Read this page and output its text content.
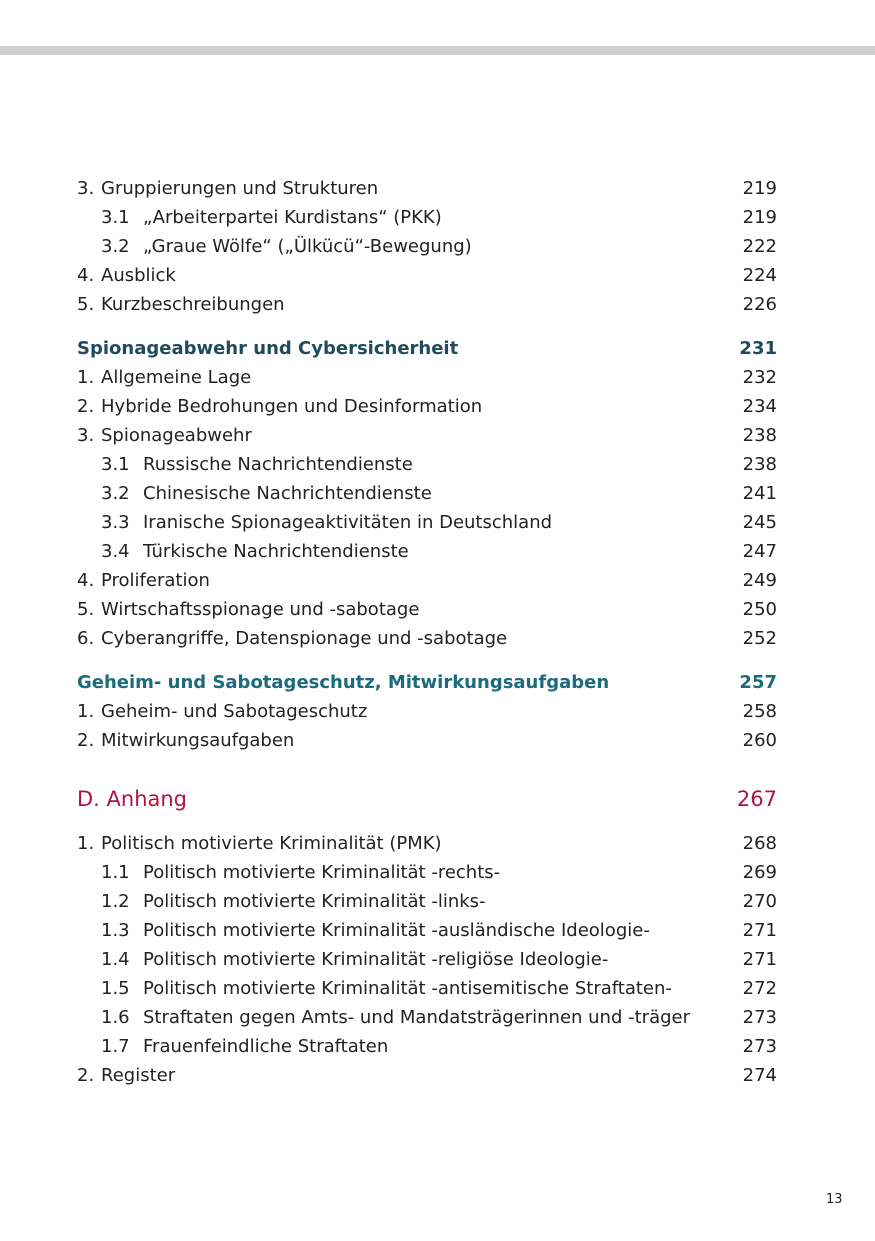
3. Gruppierungen und Strukturen	219
3.1 „Arbeiterpartei Kurdistans“ (PKK)	219
3.2 „Graue Wölfe“ („Ülkücü“-Bewegung)	222
4. Ausblick	224
5. Kurzbeschreibungen	226
Spionageabwehr und Cybersicherheit	231
1. Allgemeine Lage	232
2. Hybride Bedrohungen und Desinformation	234
3. Spionageabwehr	238
3.1 Russische Nachrichtendienste	238
3.2 Chinesische Nachrichtendienste	241
3.3 Iranische Spionageaktivitäten in Deutschland	245
3.4 Türkische Nachrichtendienste	247
4. Proliferation	249
5. Wirtschaftsspionage und -sabotage	250
6. Cyberangriffe, Datenspionage und -sabotage	252
Geheim- und Sabotageschutz, Mitwirkungsaufgaben	257
1. Geheim- und Sabotageschutz	258
2. Mitwirkungsaufgaben	260
D. Anhang	267
1. Politisch motivierte Kriminalität (PMK)	268
1.1 Politisch motivierte Kriminalität -rechts-	269
1.2 Politisch motivierte Kriminalität -links-	270
1.3 Politisch motivierte Kriminalität -ausländische Ideologie-	271
1.4 Politisch motivierte Kriminalität -religiöse Ideologie-	271
1.5 Politisch motivierte Kriminalität -antisemitische Straftaten-	272
1.6 Straftaten gegen Amts- und Mandatsträgerinnen und -träger	273
1.7 Frauenfeindliche Straftaten	273
2. Register	274
13
